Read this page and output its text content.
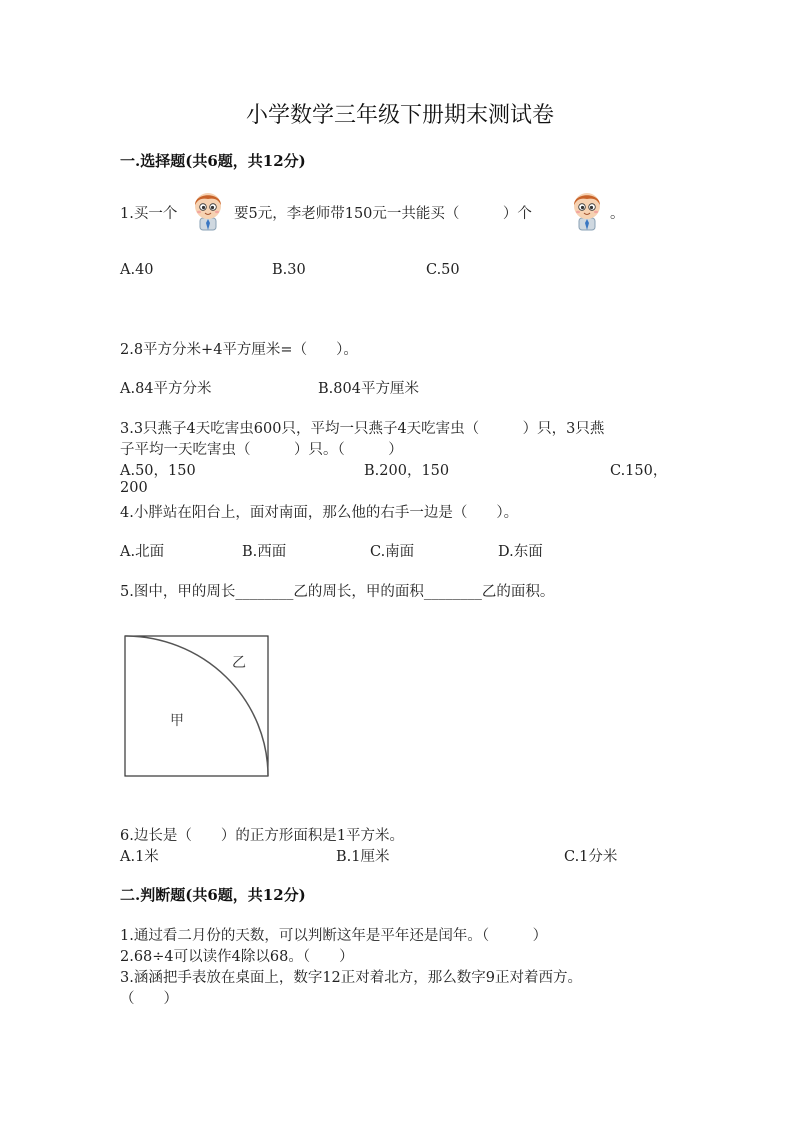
小学数学三年级下册期末测试卷
一.选择题(共6题，共12分)
1.买一个	要5元，李老师带150元一共能买（　　　）个	。
A.40	B.30	C.50
2.8平方分米+4平方厘米=（　　）。
A.84平方分米	B.804平方厘米
3.3只燕子4天吃害虫600只，平均一只燕子4天吃害虫（　　　）只，3只燕
子平均一天吃害虫（　　　）只。（　　　）
A.50，150	B.200，150	C.150，
200
4.小胖站在阳台上，面对南面，那么他的右手一边是（　　）。
A.北面	B.西面	C.南面	D.东面
5.图中，甲的周长________乙的周长，甲的面积________乙的面积。
甲
乙
6.边长是（　　）的正方形面积是1平方米。
A.1米	B.1厘米	C.1分米
二.判断题(共6题，共12分)
1.通过看二月份的天数，可以判断这年是平年还是闰年。（　　　）
2.68÷4可以读作4除以68。（　　）
3.涵涵把手表放在桌面上，数字12正对着北方，那么数字9正对着西方。
（　　）
